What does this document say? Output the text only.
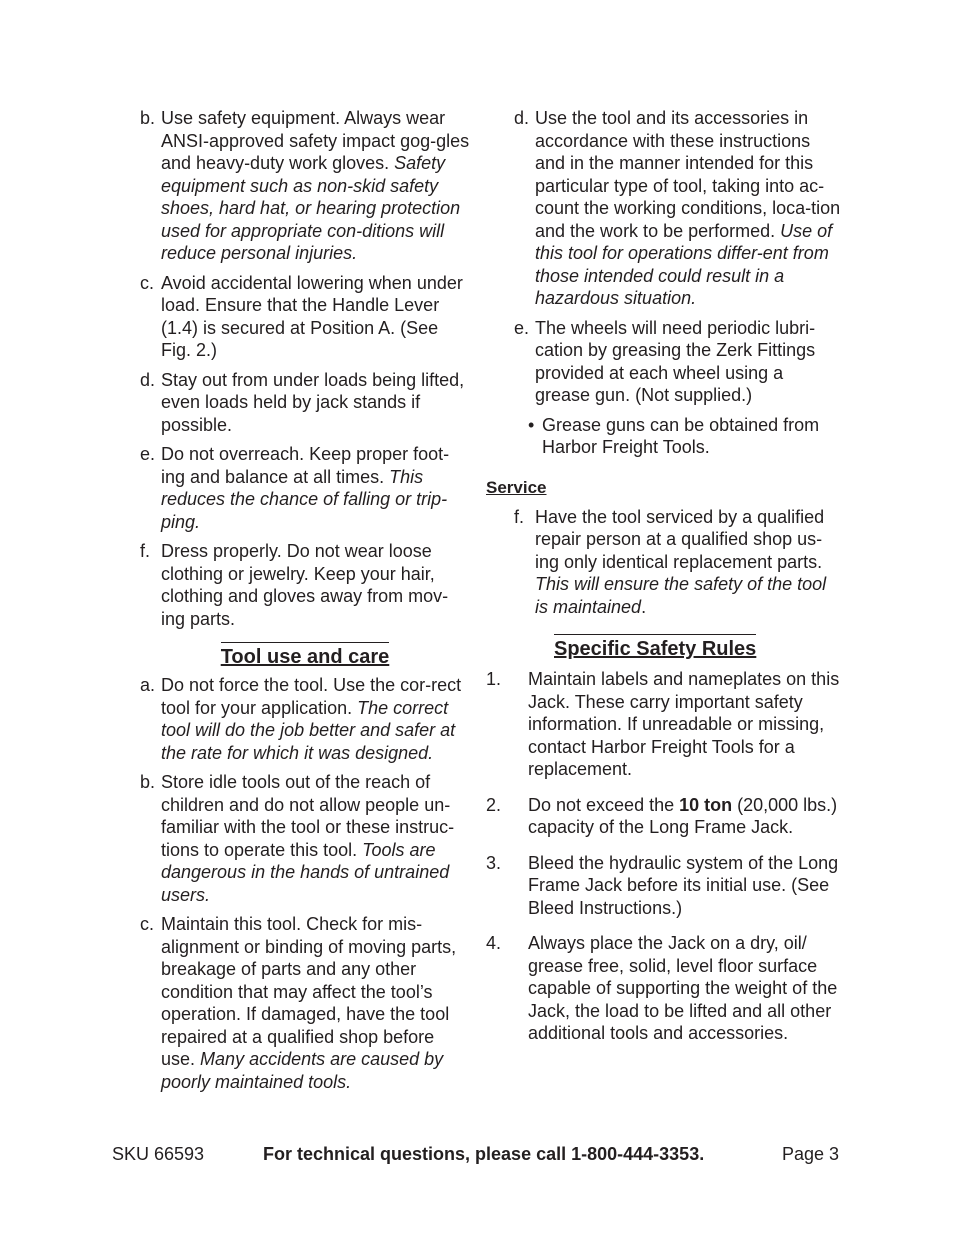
b. Use safety equipment. Always wear ANSI-approved safety impact gog-gles and heavy-duty work gloves. Safety equipment such as non-skid safety shoes, hard hat, or hearing protection used for appropriate con-ditions will reduce personal injuries.
c. Avoid accidental lowering when under load. Ensure that the Handle Lever (1.4) is secured at Position A. (See Fig. 2.)
d. Stay out from under loads being lifted, even loads held by jack stands if possible.
e. Do not overreach. Keep proper foot-ing and balance at all times. This reduces the chance of falling or trip-ping.
f. Dress properly. Do not wear loose clothing or jewelry. Keep your hair, clothing and gloves away from mov-ing parts.
Tool use and care
a. Do not force the tool. Use the cor-rect tool for your application. The correct tool will do the job better and safer at the rate for which it was designed.
b. Store idle tools out of the reach of children and do not allow people un-familiar with the tool or these instruc-tions to operate this tool. Tools are dangerous in the hands of untrained users.
c. Maintain this tool. Check for mis-alignment or binding of moving parts, breakage of parts and any other condition that may affect the tool’s operation. If damaged, have the tool repaired at a qualified shop before use. Many accidents are caused by poorly maintained tools.
d. Use the tool and its accessories in accordance with these instructions and in the manner intended for this particular type of tool, taking into ac-count the working conditions, loca-tion and the work to be performed. Use of this tool for operations differ-ent from those intended could result in a hazardous situation.
e. The wheels will need periodic lubri-cation by greasing the Zerk Fittings provided at each wheel using a grease gun. (Not supplied.)
• Grease guns can be obtained from Harbor Freight Tools.
Service
f. Have the tool serviced by a qualified repair person at a qualified shop us-ing only identical replacement parts. This will ensure the safety of the tool is maintained.
Specific Safety Rules
1. Maintain labels and nameplates on this Jack. These carry important safety information. If unreadable or missing, contact Harbor Freight Tools for a replacement.
2. Do not exceed the 10 ton (20,000 lbs.) capacity of the Long Frame Jack.
3. Bleed the hydraulic system of the Long Frame Jack before its initial use. (See Bleed Instructions.)
4. Always place the Jack on a dry, oil/ grease free, solid, level floor surface capable of supporting the weight of the Jack, the load to be lifted and all other additional tools and accessories.
SKU 66593	For technical questions, please call 1-800-444-3353.	Page 3
